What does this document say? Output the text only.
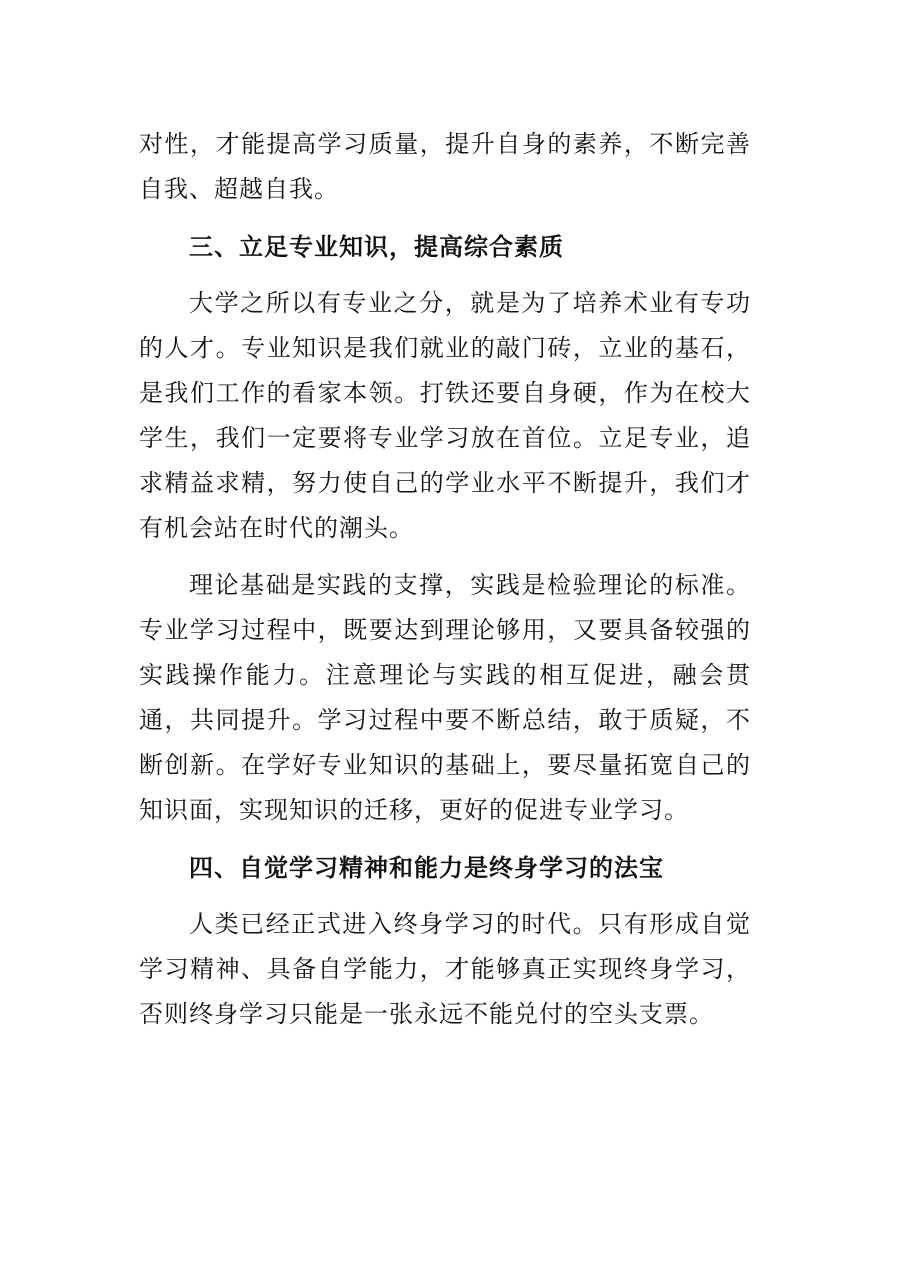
对性，才能提高学习质量，提升自身的素养，不断完善自我、超越自我。

三、立足专业知识，提高综合素质

大学之所以有专业之分，就是为了培养术业有专功的人才。专业知识是我们就业的敲门砖，立业的基石，是我们工作的看家本领。打铁还要自身硬，作为在校大学生，我们一定要将专业学习放在首位。立足专业，追求精益求精，努力使自己的学业水平不断提升，我们才有机会站在时代的潮头。

理论基础是实践的支撑，实践是检验理论的标准。专业学习过程中，既要达到理论够用，又要具备较强的实践操作能力。注意理论与实践的相互促进，融会贯通，共同提升。学习过程中要不断总结，敢于质疑，不断创新。在学好专业知识的基础上，要尽量拓宽自己的知识面，实现知识的迁移，更好的促进专业学习。

四、自觉学习精神和能力是终身学习的法宝

人类已经正式进入终身学习的时代。只有形成自觉学习精神、具备自学能力，才能够真正实现终身学习，否则终身学习只能是一张永远不能兑付的空头支票。
